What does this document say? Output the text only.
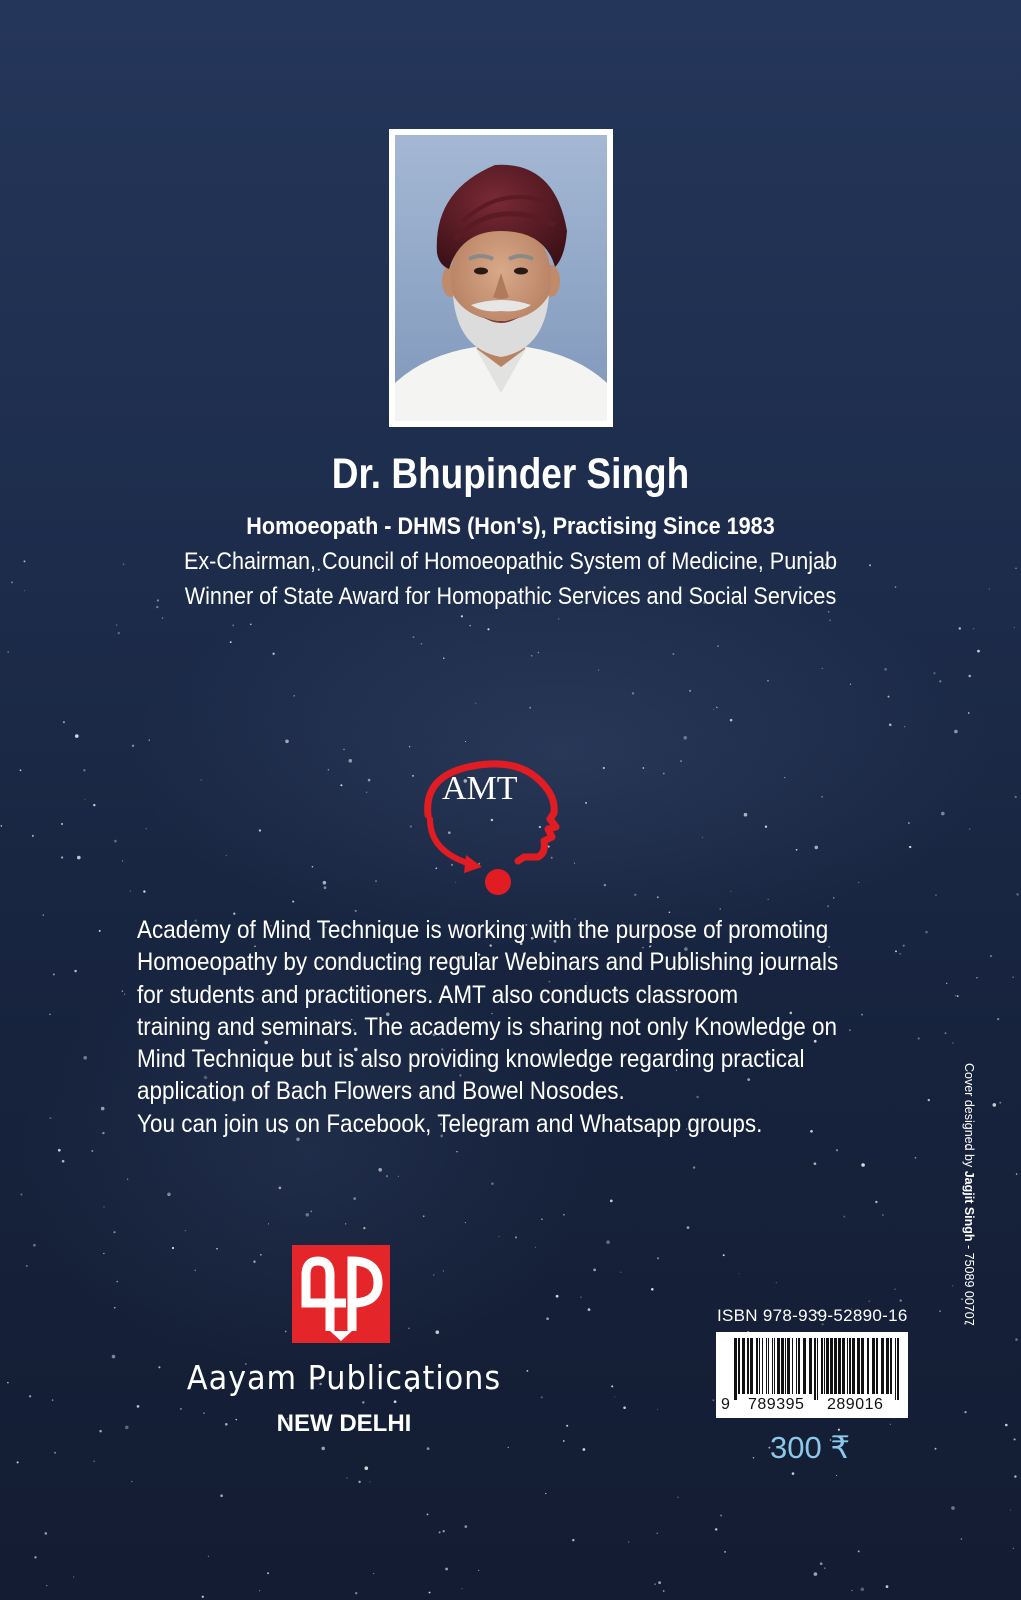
Dr. Bhupinder Singh
Homoeopath - DHMS (Hon's), Practising Since 1983
Ex-Chairman, Council of Homoeopathic System of Medicine, Punjab
Winner of State Award for Homopathic Services and Social Services
AMT
Academy of Mind Technique is working with the purpose of promoting
Homoeopathy by conducting regular Webinars and Publishing journals
for students and practitioners. AMT also conducts classroom
training and seminars. The academy is sharing not only Knowledge on
Mind Technique but is also providing knowledge regarding practical
application of Bach Flowers and Bowel Nosodes.
You can join us on Facebook, Telegram and Whatsapp groups.
Aayam Publications
NEW DELHI
ISBN 978-939-52890-16
9 789395 289016
300 ₹
Cover designed by Jagjit Singh - 75089 00707
